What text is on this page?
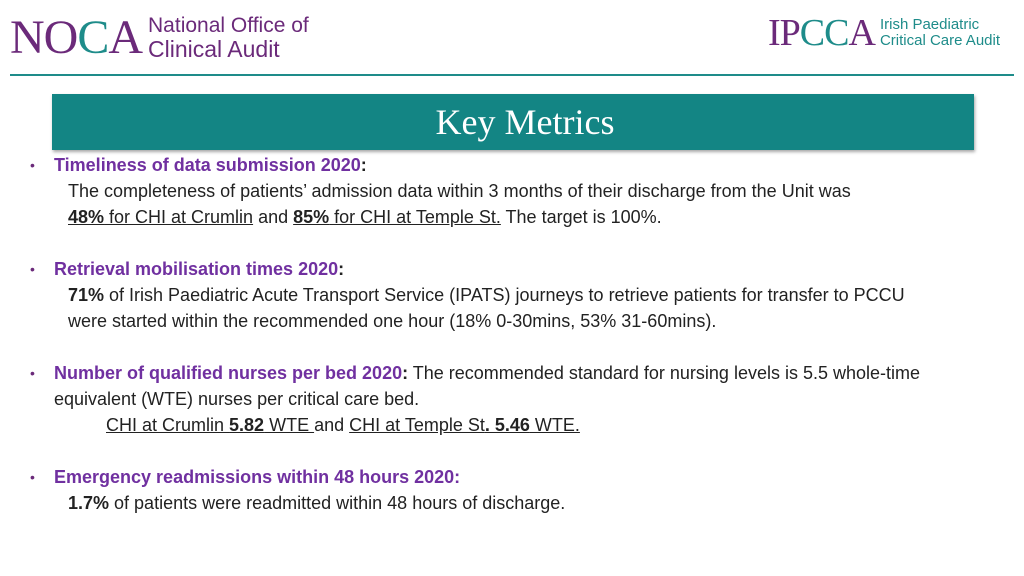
NOCA National Office of
Clinical Audit	IPCCA Irish Paediatric
Critical Care Audit
Key Metrics
• Timeliness of data submission 2020:
The completeness of patients’ admission data within 3 months of their discharge from the Unit was
48% for CHI at Crumlin and 85% for CHI at Temple St. The target is 100%.
• Retrieval mobilisation times 2020:
71% of Irish Paediatric Acute Transport Service (IPATS) journeys to retrieve patients for transfer to PCCU
were started within the recommended one hour (18% 0-30mins, 53% 31-60mins).
• Number of qualified nurses per bed 2020: The recommended standard for nursing levels is 5.5 whole-time equivalent (WTE) nurses per critical care bed.
CHI at Crumlin 5.82 WTE and CHI at Temple St. 5.46 WTE.
• Emergency readmissions within 48 hours 2020:
1.7% of patients were readmitted within 48 hours of discharge.
